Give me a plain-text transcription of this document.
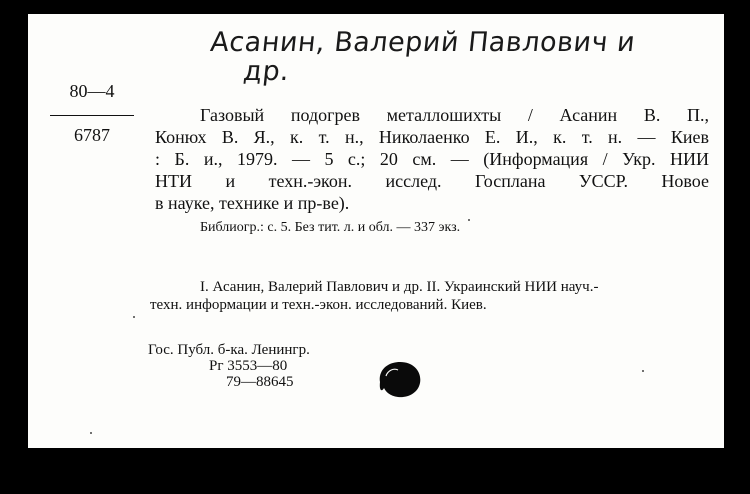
Асанин, Валерий Павлович и
др.
80—4
6787
Газовый подогрев металлошихты / Асанин В. П.,
Конюх В. Я., к. т. н., Николаенко Е. И., к. т. н. — Киев
: Б. и., 1979. — 5 с.; 20 см. — (Информация / Укр. НИИ
НТИ и техн.-экон. исслед. Госплана УССР. Новое
в науке, технике и пр-ве).
Библиогр.: с. 5. Без тит. л. и обл. — 337 экз.
I. Асанин, Валерий Павлович и др. II. Украинский НИИ науч.-
техн. информации и техн.-экон. исследований. Киев.
Гос. Публ. б-ка. Ленингр.
Рг 3553—80
79—88645
